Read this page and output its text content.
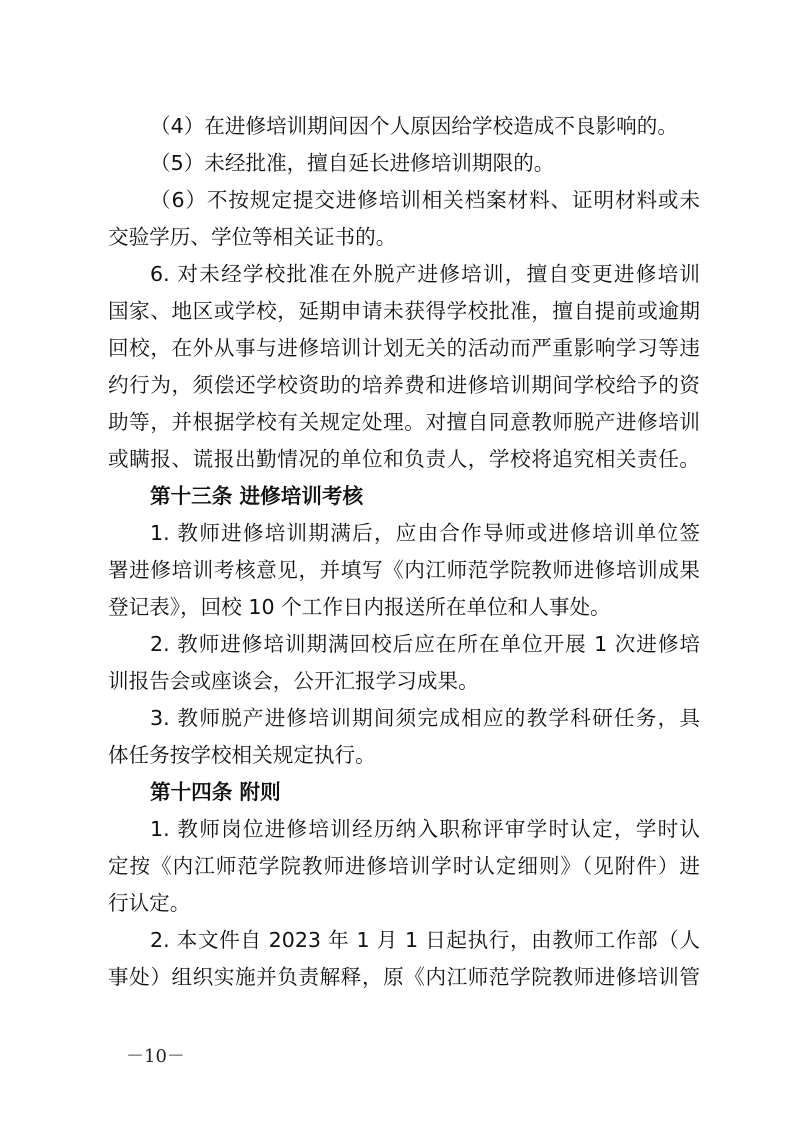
（4）在进修培训期间因个人原因给学校造成不良影响的。
（5）未经批准，擅自延长进修培训期限的。
（6）不按规定提交进修培训相关档案材料、证明材料或未
交验学历、学位等相关证书的。
6. 对未经学校批准在外脱产进修培训，擅自变更进修培训
国家、地区或学校，延期申请未获得学校批准，擅自提前或逾期
回校，在外从事与进修培训计划无关的活动而严重影响学习等违
约行为，须偿还学校资助的培养费和进修培训期间学校给予的资
助等，并根据学校有关规定处理。对擅自同意教师脱产进修培训
或瞒报、谎报出勤情况的单位和负责人，学校将追究相关责任。
第十三条 进修培训考核
1. 教师进修培训期满后，应由合作导师或进修培训单位签
署进修培训考核意见，并填写《内江师范学院教师进修培训成果
登记表》，回校 10 个工作日内报送所在单位和人事处。
2. 教师进修培训期满回校后应在所在单位开展 1 次进修培
训报告会或座谈会，公开汇报学习成果。
3. 教师脱产进修培训期间须完成相应的教学科研任务，具
体任务按学校相关规定执行。
第十四条 附则
1. 教师岗位进修培训经历纳入职称评审学时认定，学时认
定按《内江师范学院教师进修培训学时认定细则》（见附件）进
行认定。
2. 本文件自 2023 年 1 月 1 日起执行，由教师工作部（人
事处）组织实施并负责解释，原《内江师范学院教师进修培训管
－10－
